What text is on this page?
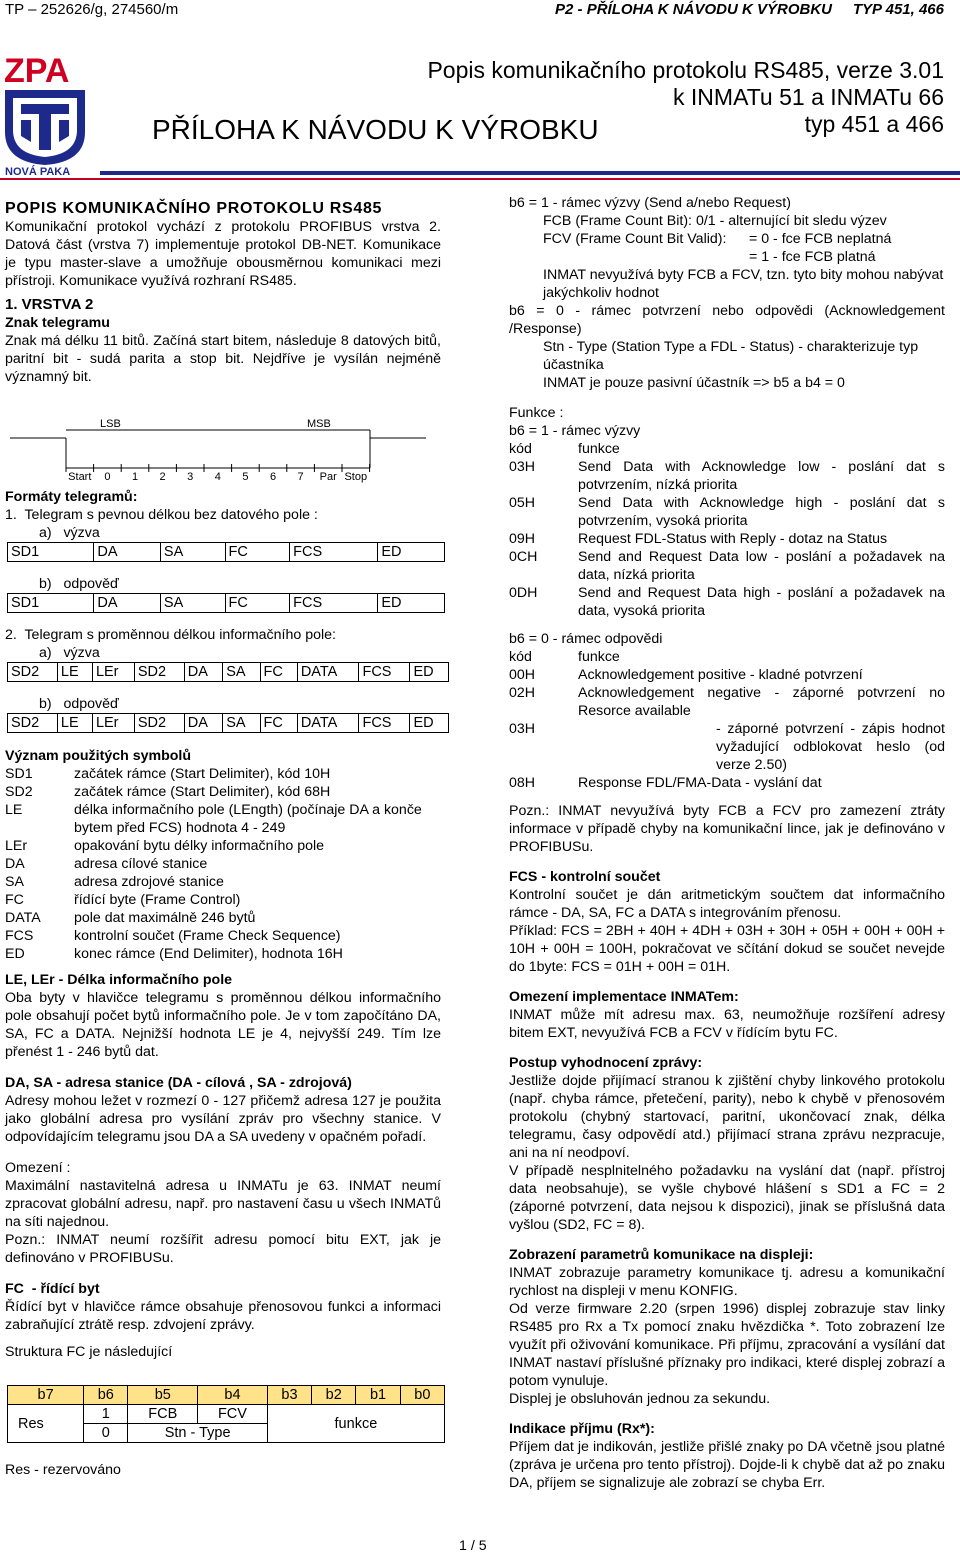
TP – 252626/g, 274560/m	P2 - PŘÍLOHA K NÁVODU K VÝROBKU     TYP 451, 466
ZPA
NOVÁ PAKA
Popis komunikačního protokolu RS485, verze 3.01
k INMATu 51 a INMATu 66
typ 451 a 466
PŘÍLOHA K NÁVODU K VÝROBKU

POPIS KOMUNIKAČNÍHO PROTOKOLU RS485

Komunikační protokol vychází z protokolu PROFIBUS vrstva 2. Datová část (vrstva 7) implementuje protokol DB-NET. Komunikace je typu master-slave a umožňuje obousměrnou komunikaci mezi přístroji. Komunikace využívá rozhraní RS485.

1. VRSTVA 2

Znak telegramu

Znak má délku 11 bitů. Začíná start bitem, následuje 8 datových bitů, paritní bit - sudá parita a stop bit. Nejdříve je vysílán nejméně významný bit.

LSB	MSB
Start 0 1 2 3 4 5 6 7 Par Stop

Formáty telegramů:

1.  Telegram s pevnou délkou bez datového pole :

a)   výzva

SD1	DA	SA	FC	FCS	ED
b)   odpověď
SD1	DA	SA	FC	FCS	ED
2.  Telegram s proměnnou délkou informačního pole:
a)   výzva
SD2	LE	LEr	SD2	DA	SA	FC	DATA	FCS	ED
b)   odpověď
SD2	LE	LEr	SD2	DA	SA	FC	DATA	FCS	ED

Význam použitých symbolů

SD1	začátek rámce (Start Delimiter), kód 10H
SD2	začátek rámce (Start Delimiter), kód 68H
LE	délka informačního pole (LEngth) (počínaje DA a konče bytem před FCS) hodnota 4 - 249
LEr	opakování bytu délky informačního pole
DA	adresa cílové stanice
SA	adresa zdrojové stanice
FC	řídící byte (Frame Control)
DATA	pole dat maximálně 246 bytů
FCS	kontrolní součet (Frame Check Sequence)
ED	konec rámce (End Delimiter), hodnota 16H

LE, LEr - Délka informačního pole

Oba byty v hlavičce telegramu s proměnnou délkou informačního pole obsahují počet bytů informačního pole. Je v tom započítáno DA, SA, FC a DATA. Nejnižší hodnota LE je 4, nejvyšší 249. Tím lze přenést 1 - 246 bytů dat.

DA, SA - adresa stanice (DA - cílová , SA - zdrojová)

Adresy mohou ležet v rozmezí 0 - 127 přičemž adresa 127 je použita jako globální adresa pro vysílání zpráv pro všechny stanice. V odpovídajícím telegramu jsou DA a SA uvedeny v opačném pořadí.

Omezení :

Maximální nastavitelná adresa u INMATu je 63. INMAT neumí zpracovat globální adresu, např. pro nastavení času u všech INMATů na síti najednou.

Pozn.: INMAT neumí rozšířit adresu pomocí bitu EXT, jak je definováno v PROFIBUSu.

FC  - řídící byt

Řídící byt v hlavičce rámce obsahuje přenosovou funkci a informaci zabraňující ztrátě resp. zdvojení zprávy.

Struktura FC je následující

b7	b6	b5	b4	b3	b2	b1	b0
Res	1	FCB	FCV	funkce			
	0	Stn - Type					
Res - rezervováno

b6 = 1 - rámec výzvy (Send a/nebo Request)

FCB (Frame Count Bit): 0/1 - alternující bit sledu výzev

FCV (Frame Count Bit Valid):	= 0 - fce FCB neplatná
= 1 - fce FCB platná

INMAT nevyužívá byty FCB a FCV, tzn. tyto bity mohou nabývat jakýchkoliv hodnot

b6 = 0 - rámec potvrzení nebo odpovědi (Acknowledgement /Response)

Stn - Type (Station Type a FDL - Status) - charakterizuje typ účastníka

INMAT je pouze pasivní účastník => b5 a b4 = 0

Funkce :

b6 = 1 - rámec výzvy

kód	funkce
03H	Send Data with Acknowledge low - poslání dat s potvrzením, nízká priorita
05H	Send Data with Acknowledge high - poslání dat s potvrzením, vysoká priorita
09H	Request FDL-Status with Reply - dotaz na Status
0CH	Send and Request Data low - poslání a požadavek na data, nízká priorita
0DH	Send and Request Data high - poslání a požadavek na data, vysoká priorita

b6 = 0 - rámec odpovědi

kód	funkce
00H	Acknowledgement positive - kladné potvrzení
02H	Acknowledgement negative - záporné potvrzení no Resorce available
03H	- záporné potvrzení - zápis hodnot vyžadující odblokovat heslo (od verze 2.50)
08H	Response FDL/FMA-Data - vyslání dat

Pozn.: INMAT nevyužívá byty FCB a FCV pro zamezení ztráty informace v případě chyby na komunikační lince, jak je definováno v PROFIBUSu.

FCS - kontrolní součet

Kontrolní součet je dán aritmetickým součtem dat informačního rámce - DA, SA, FC a DATA s integrováním přenosu.

Příklad: FCS = 2BH + 40H + 4DH + 03H + 30H + 05H + 00H + 00H + 10H + 00H = 100H, pokračovat ve sčítání dokud se součet nevejde do 1byte: FCS = 01H + 00H = 01H.

Omezení implementace INMATem:

INMAT může mít adresu max. 63, neumožňuje rozšíření adresy bitem EXT, nevyužívá FCB a FCV v řídícím bytu FC.

Postup vyhodnocení zprávy:

Jestliže dojde přijímací stranou k zjištění chyby linkového protokolu (např. chyba rámce, přetečení, parity), nebo k chybě v přenosovém protokolu (chybný startovací, paritní, ukončovací znak, délka telegramu, časy odpovědí atd.) přijímací strana zprávu nezpracuje, ani na ní neodpoví.

V případě nesplnitelného požadavku na vyslání dat (např. přístroj data neobsahuje), se vyšle chybové hlášení s SD1 a FC = 2 (záporné potvrzení, data nejsou k dispozici), jinak se příslušná data vyšlou (SD2, FC = 8).

Zobrazení parametrů komunikace na displeji:

INMAT zobrazuje parametry komunikace tj. adresu a komunikační rychlost na displeji v menu KONFIG.

Od verze firmware 2.20 (srpen 1996) displej zobrazuje stav linky RS485 pro Rx a Tx pomocí znaku hvězdička *. Toto zobrazení lze využít při oživování komunikace. Při příjmu, zpracování a vysílání dat INMAT nastaví příslušné příznaky pro indikaci, které displej zobrazí a potom vynuluje.

Displej je obsluhován jednou za sekundu.

Indikace příjmu (Rx*):

Příjem dat je indikován, jestliže přišlé znaky po DA včetně jsou platné (zpráva je určena pro tento přístroj). Dojde-li k chybě dat až po znaku DA, příjem se signalizuje ale zobrazí se chyba Err.

1 / 5
